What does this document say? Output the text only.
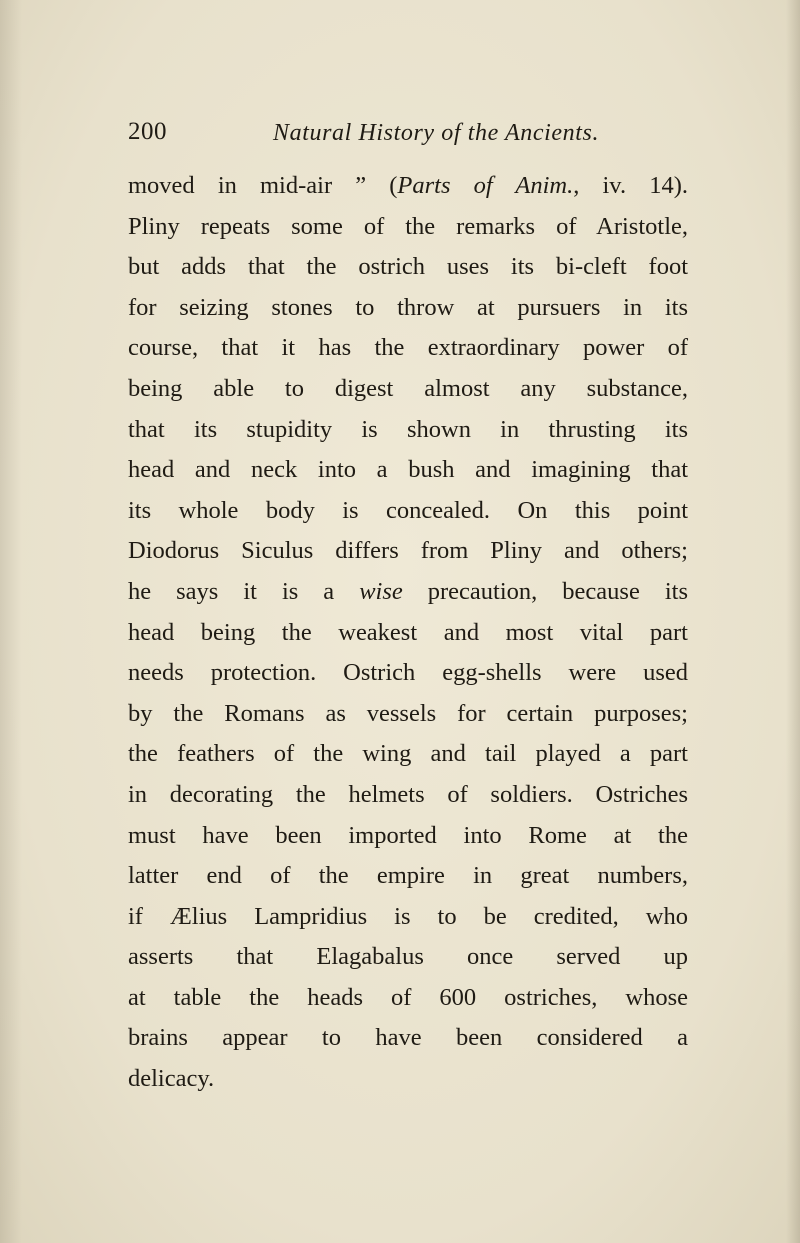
200	Natural History of the Ancients.
moved in mid-air ” (Parts of Anim., iv. 14).
Pliny repeats some of the remarks of Aristotle,
but adds that the ostrich uses its bi-cleft foot
for seizing stones to throw at pursuers in its
course, that it has the extraordinary power of
being able to digest almost any substance,
that its stupidity is shown in thrusting its
head and neck into a bush and imagining that
its whole body is concealed. On this point
Diodorus Siculus differs from Pliny and others;
he says it is a wise precaution, because its
head being the weakest and most vital part
needs protection. Ostrich egg-shells were used
by the Romans as vessels for certain purposes;
the feathers of the wing and tail played a part
in decorating the helmets of soldiers. Ostriches
must have been imported into Rome at the
latter end of the empire in great numbers,
if Ælius Lampridius is to be credited, who
asserts that Elagabalus once served up
at table the heads of 600 ostriches, whose
brains appear to have been considered a
delicacy.
